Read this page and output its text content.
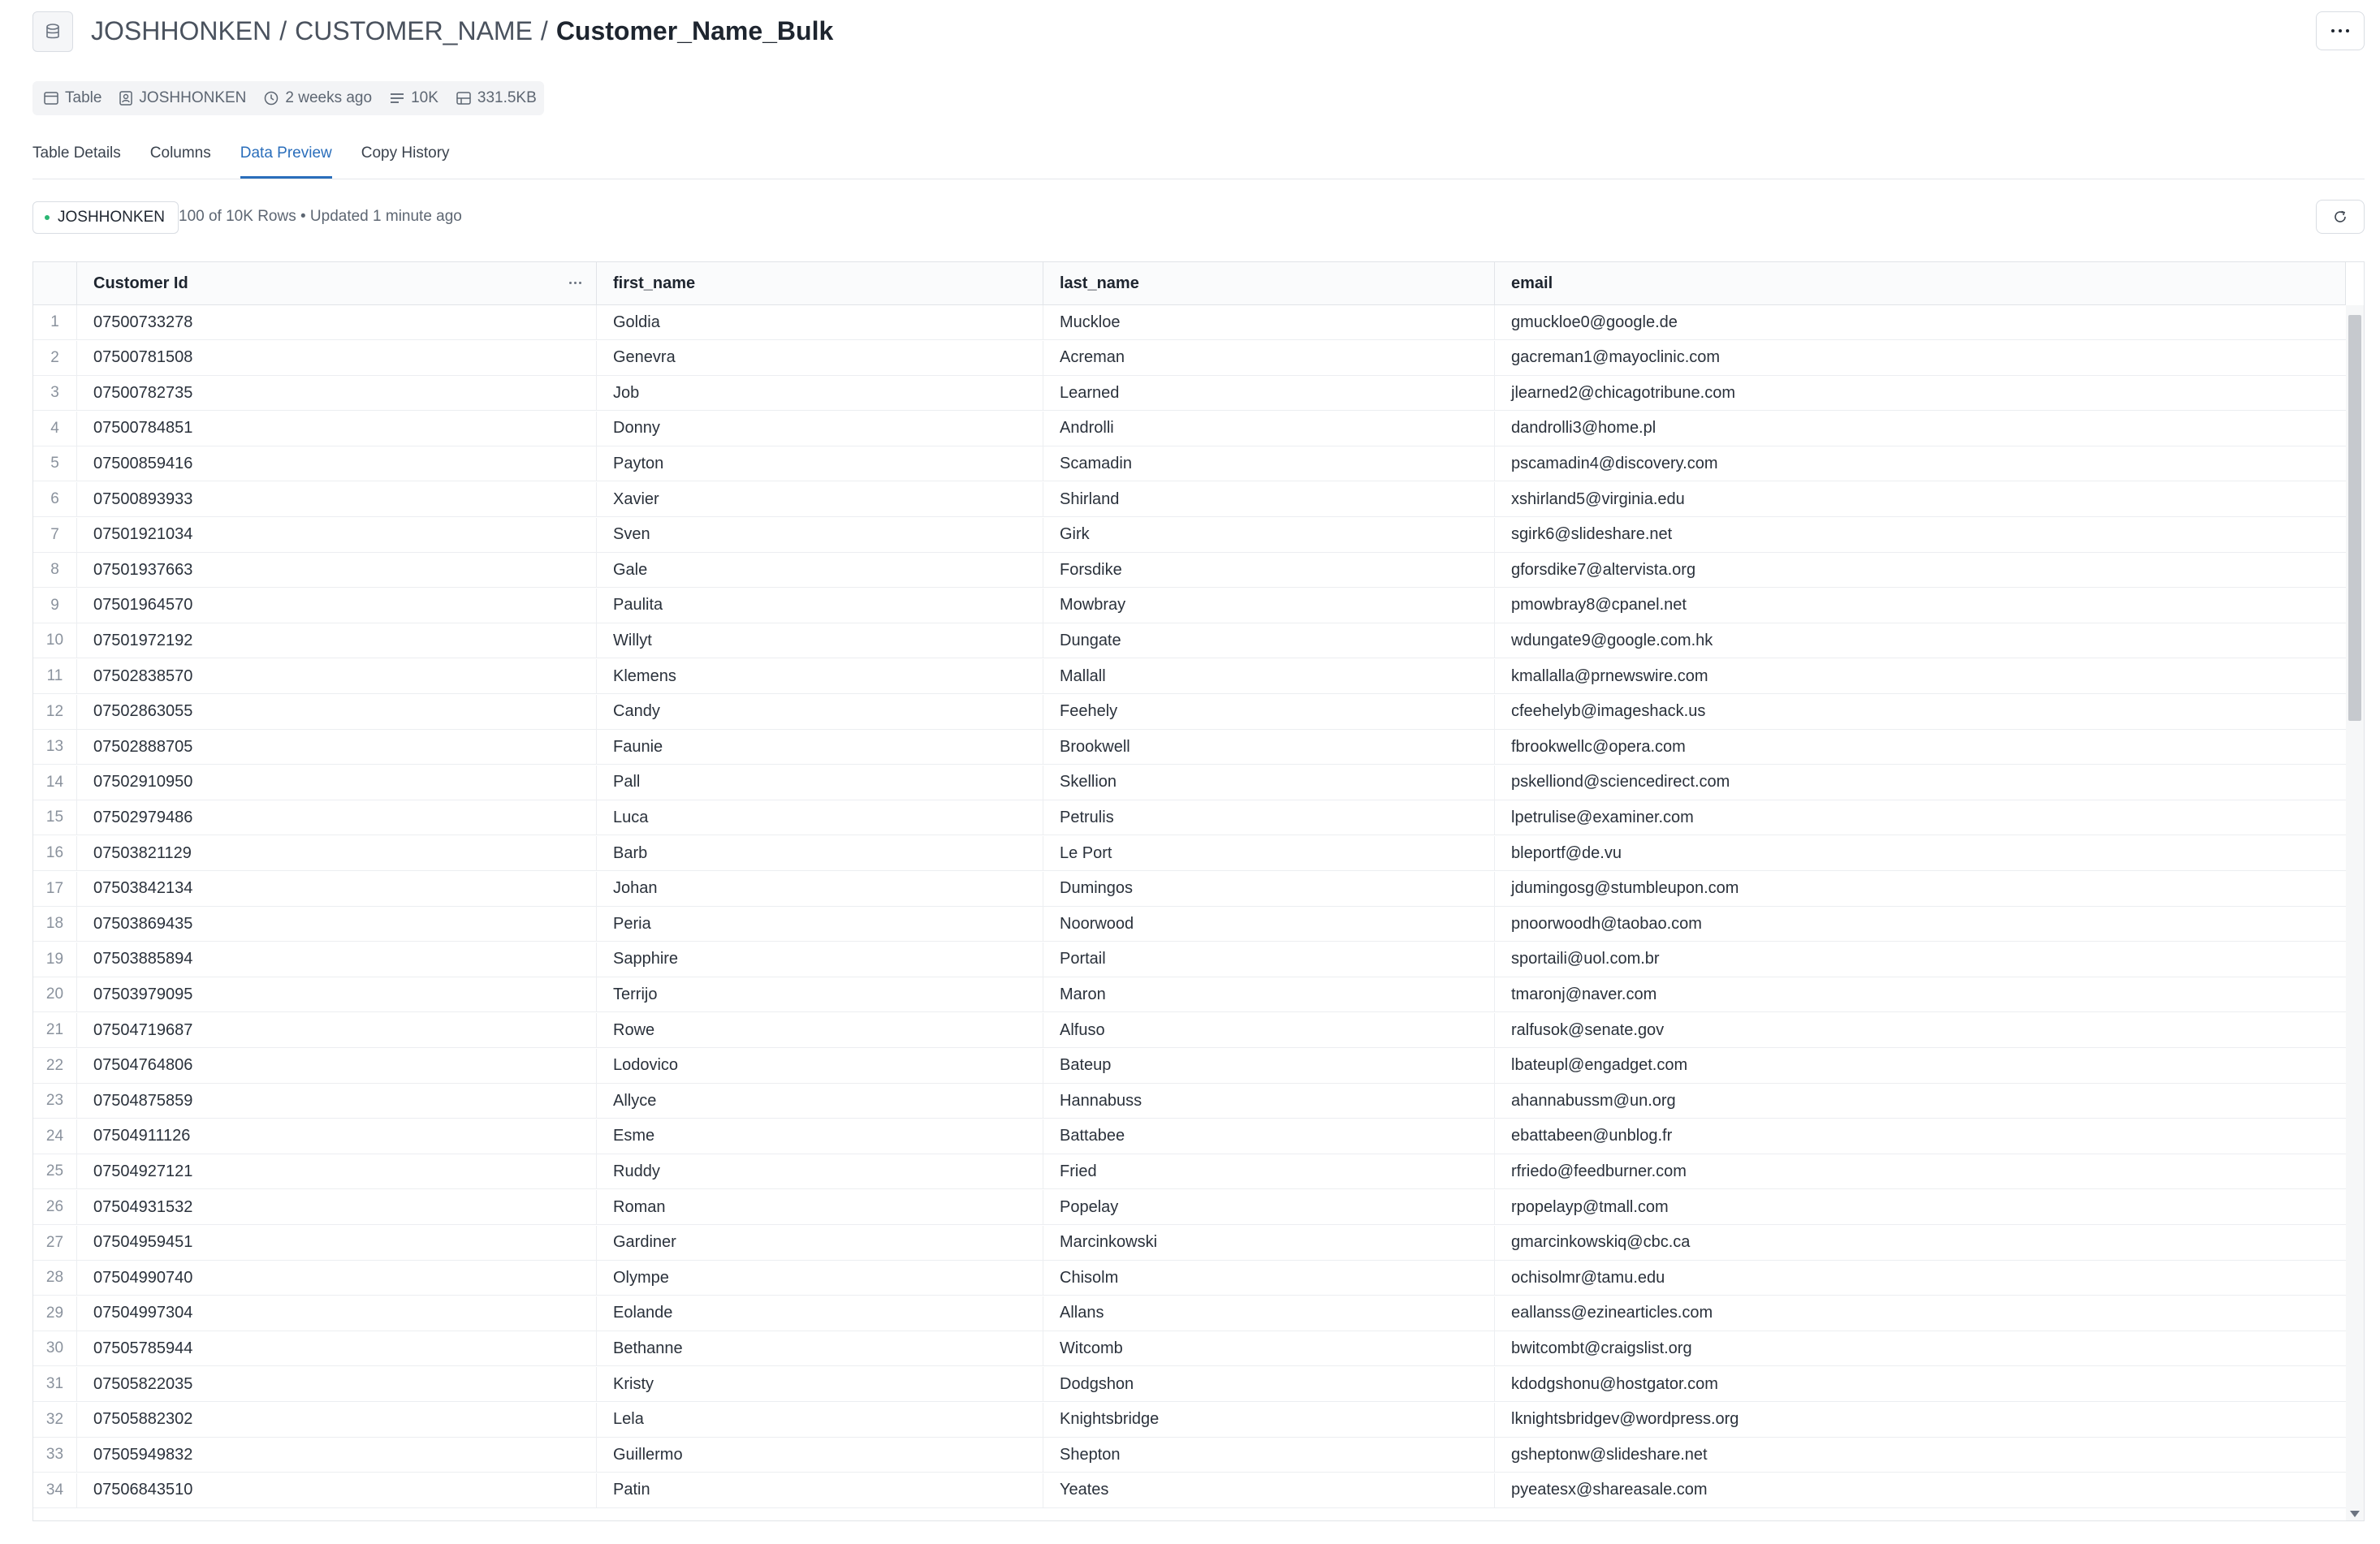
JOSHHONKEN / CUSTOMER_NAME / Customer_Name_Bulk
Table JOSHHONKEN	2 weeks ago	10K	331.5KB
Table Details Columns Data Preview Copy History
JOSHHONKEN 100 of 10K Rows • Updated 1 minute ago
Customer Id	first_name	last_name	email
1	07500733278	Goldia	Muckloe	gmuckloe0@google.de
2	07500781508	Genevra	Acreman	gacreman1@mayoclinic.com
3	07500782735	Job	Learned	jlearned2@chicagotribune.com
4	07500784851	Donny	Androlli	dandrolli3@home.pl
5	07500859416	Payton	Scamadin	pscamadin4@discovery.com
6	07500893933	Xavier	Shirland	xshirland5@virginia.edu
7	07501921034	Sven	Girk	sgirk6@slideshare.net
8	07501937663	Gale	Forsdike	gforsdike7@altervista.org
9	07501964570	Paulita	Mowbray	pmowbray8@cpanel.net
10	07501972192	Willyt	Dungate	wdungate9@google.com.hk
11	07502838570	Klemens	Mallall	kmallalla@prnewswire.com
12	07502863055	Candy	Feehely	cfeehelyb@imageshack.us
13	07502888705	Faunie	Brookwell	fbrookwellc@opera.com
14	07502910950	Pall	Skellion	pskelliond@sciencedirect.com
15	07502979486	Luca	Petrulis	lpetrulise@examiner.com
16	07503821129	Barb	Le Port	bleportf@de.vu
17	07503842134	Johan	Dumingos	jdumingosg@stumbleupon.com
18	07503869435	Peria	Noorwood	pnoorwoodh@taobao.com
19	07503885894	Sapphire	Portail	sportaili@uol.com.br
20	07503979095	Terrijo	Maron	tmaronj@naver.com
21	07504719687	Rowe	Alfuso	ralfusok@senate.gov
22	07504764806	Lodovico	Bateup	lbateupl@engadget.com
23	07504875859	Allyce	Hannabuss	ahannabussm@un.org
24	07504911126	Esme	Battabee	ebattabeen@unblog.fr
25	07504927121	Ruddy	Fried	rfriedo@feedburner.com
26	07504931532	Roman	Popelay	rpopelayp@tmall.com
27	07504959451	Gardiner	Marcinkowski	gmarcinkowskiq@cbc.ca
28	07504990740	Olympe	Chisolm	ochisolmr@tamu.edu
29	07504997304	Eolande	Allans	eallanss@ezinearticles.com
30	07505785944	Bethanne	Witcomb	bwitcombt@craigslist.org
31	07505822035	Kristy	Dodgshon	kdodgshonu@hostgator.com
32	07505882302	Lela	Knightsbridge	lknightsbridgev@wordpress.org
33	07505949832	Guillermo	Shepton	gsheptonw@slideshare.net
34	07506843510	Patin	Yeates	pyeatesx@shareasale.com
